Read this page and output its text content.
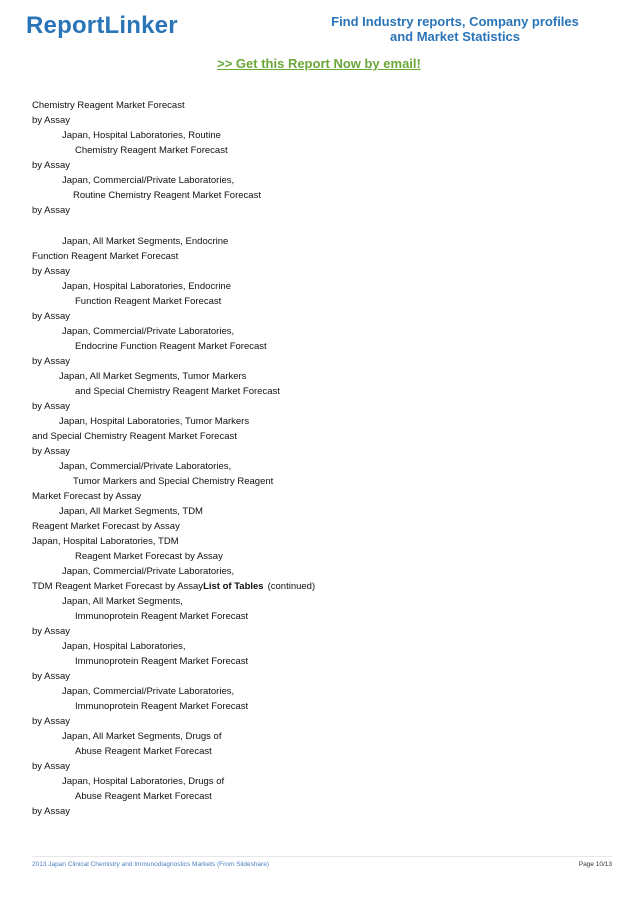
ReportLinker	Find Industry reports, Company profiles
and Market Statistics
>> Get this Report Now by email!
Chemistry Reagent Market Forecast
by Assay
Japan, Hospital Laboratories, Routine
Chemistry Reagent Market Forecast
by Assay
Japan, Commercial/Private Laboratories,
Routine Chemistry Reagent Market Forecast
by Assay
Japan, All Market Segments, Endocrine
Function Reagent Market Forecast
by Assay
Japan, Hospital Laboratories, Endocrine
Function Reagent Market Forecast
by Assay
Japan, Commercial/Private Laboratories,
Endocrine Function Reagent Market Forecast
by Assay
Japan, All Market Segments, Tumor Markers
and Special Chemistry Reagent Market Forecast
by Assay
Japan, Hospital Laboratories, Tumor Markers
and Special Chemistry Reagent Market Forecast
by Assay
Japan, Commercial/Private Laboratories,
Tumor Markers and Special Chemistry Reagent
Market Forecast by Assay
Japan, All Market Segments, TDM
Reagent Market Forecast by Assay
Japan, Hospital Laboratories, TDM
Reagent Market Forecast by Assay
Japan, Commercial/Private Laboratories,
TDM Reagent Market Forecast by AssayList of Tables (continued)
Japan, All Market Segments,
Immunoprotein Reagent Market Forecast
by Assay
Japan, Hospital Laboratories,
Immunoprotein Reagent Market Forecast
by Assay
Japan, Commercial/Private Laboratories,
Immunoprotein Reagent Market Forecast
by Assay
Japan, All Market Segments, Drugs of
Abuse Reagent Market Forecast
by Assay
Japan, Hospital Laboratories, Drugs of
Abuse Reagent Market Forecast
by Assay
2013 Japan Clinical Chemistry and Immunodiagnostics Markets (From Slideshare)	Page 10/13
